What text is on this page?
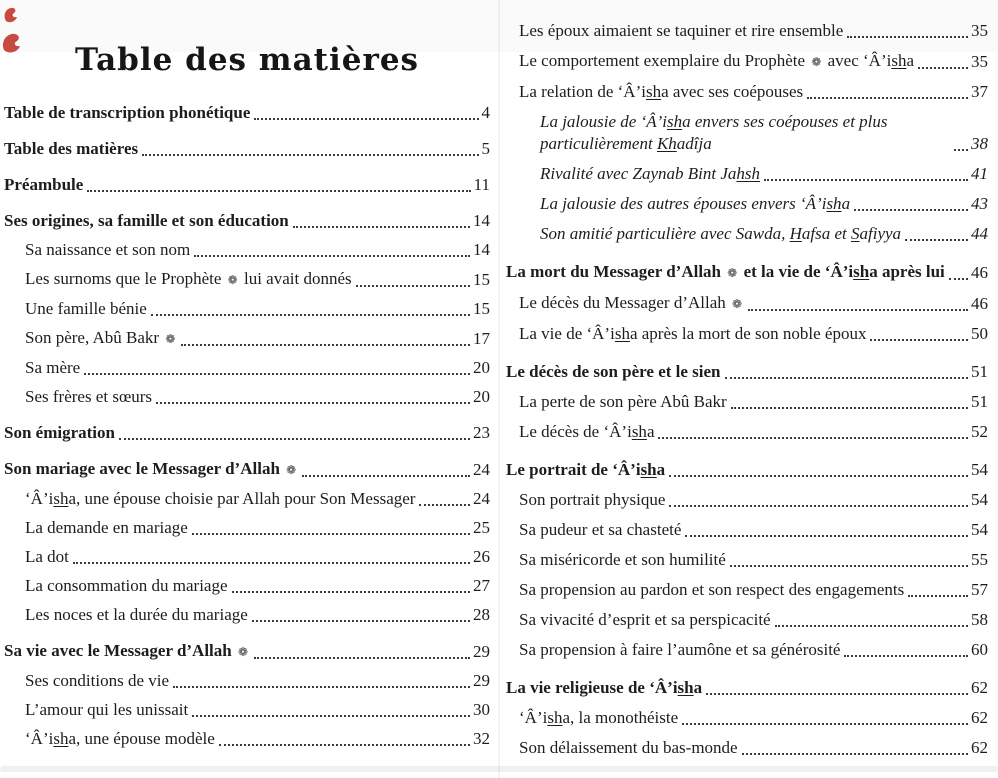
Table des matières
Table de transcription phonétique	4
Table des matières	5
Préambule	11
Ses origines, sa famille et son éducation	14
Sa naissance et son nom	14
Les surnoms que le Prophète ❁ lui avait donnés	15
Une famille bénie	15
Son père, Abû Bakr ❁	17
Sa mère	20
Ses frères et sœurs	20
Son émigration	23
Son mariage avec le Messager d’Allah ❁	24
‘Â’isha, une épouse choisie par Allah pour Son Messager	24
La demande en mariage	25
La dot	26
La consommation du mariage	27
Les noces et la durée du mariage	28
Sa vie avec le Messager d’Allah ❁	29
Ses conditions de vie	29
L’amour qui les unissait	30
‘Â’isha, une épouse modèle	32
Les époux aimaient se taquiner et rire ensemble	35
Le comportement exemplaire du Prophète ❁ avec ‘Â’isha	35
La relation de ‘Â’isha avec ses coépouses	37
La jalousie de ‘Â’isha envers ses coépouses et plus particulièrement Khadîja	38
Rivalité avec Zaynab Bint Jahsh	41
La jalousie des autres épouses envers ‘Â’isha	43
Son amitié particulière avec Sawda, Hafsa et Safiyya	44
La mort du Messager d’Allah ❁ et la vie de ‘Â’isha après lui 46
Le décès du Messager d’Allah ❁	46
La vie de ‘Â’isha après la mort de son noble époux	50
Le décès de son père et le sien	51
La perte de son père Abû Bakr	51
Le décès de ‘Â’isha	52
Le portrait de ‘Â’isha	54
Son portrait physique	54
Sa pudeur et sa chasteté	54
Sa miséricorde et son humilité	55
Sa propension au pardon et son respect des engagements	57
Sa vivacité d’esprit et sa perspicacité	58
Sa propension à faire l’aumône et sa générosité	60
La vie religieuse de ‘Â’isha	62
‘Â’isha, la monothéiste	62
Son délaissement du bas-monde	62
